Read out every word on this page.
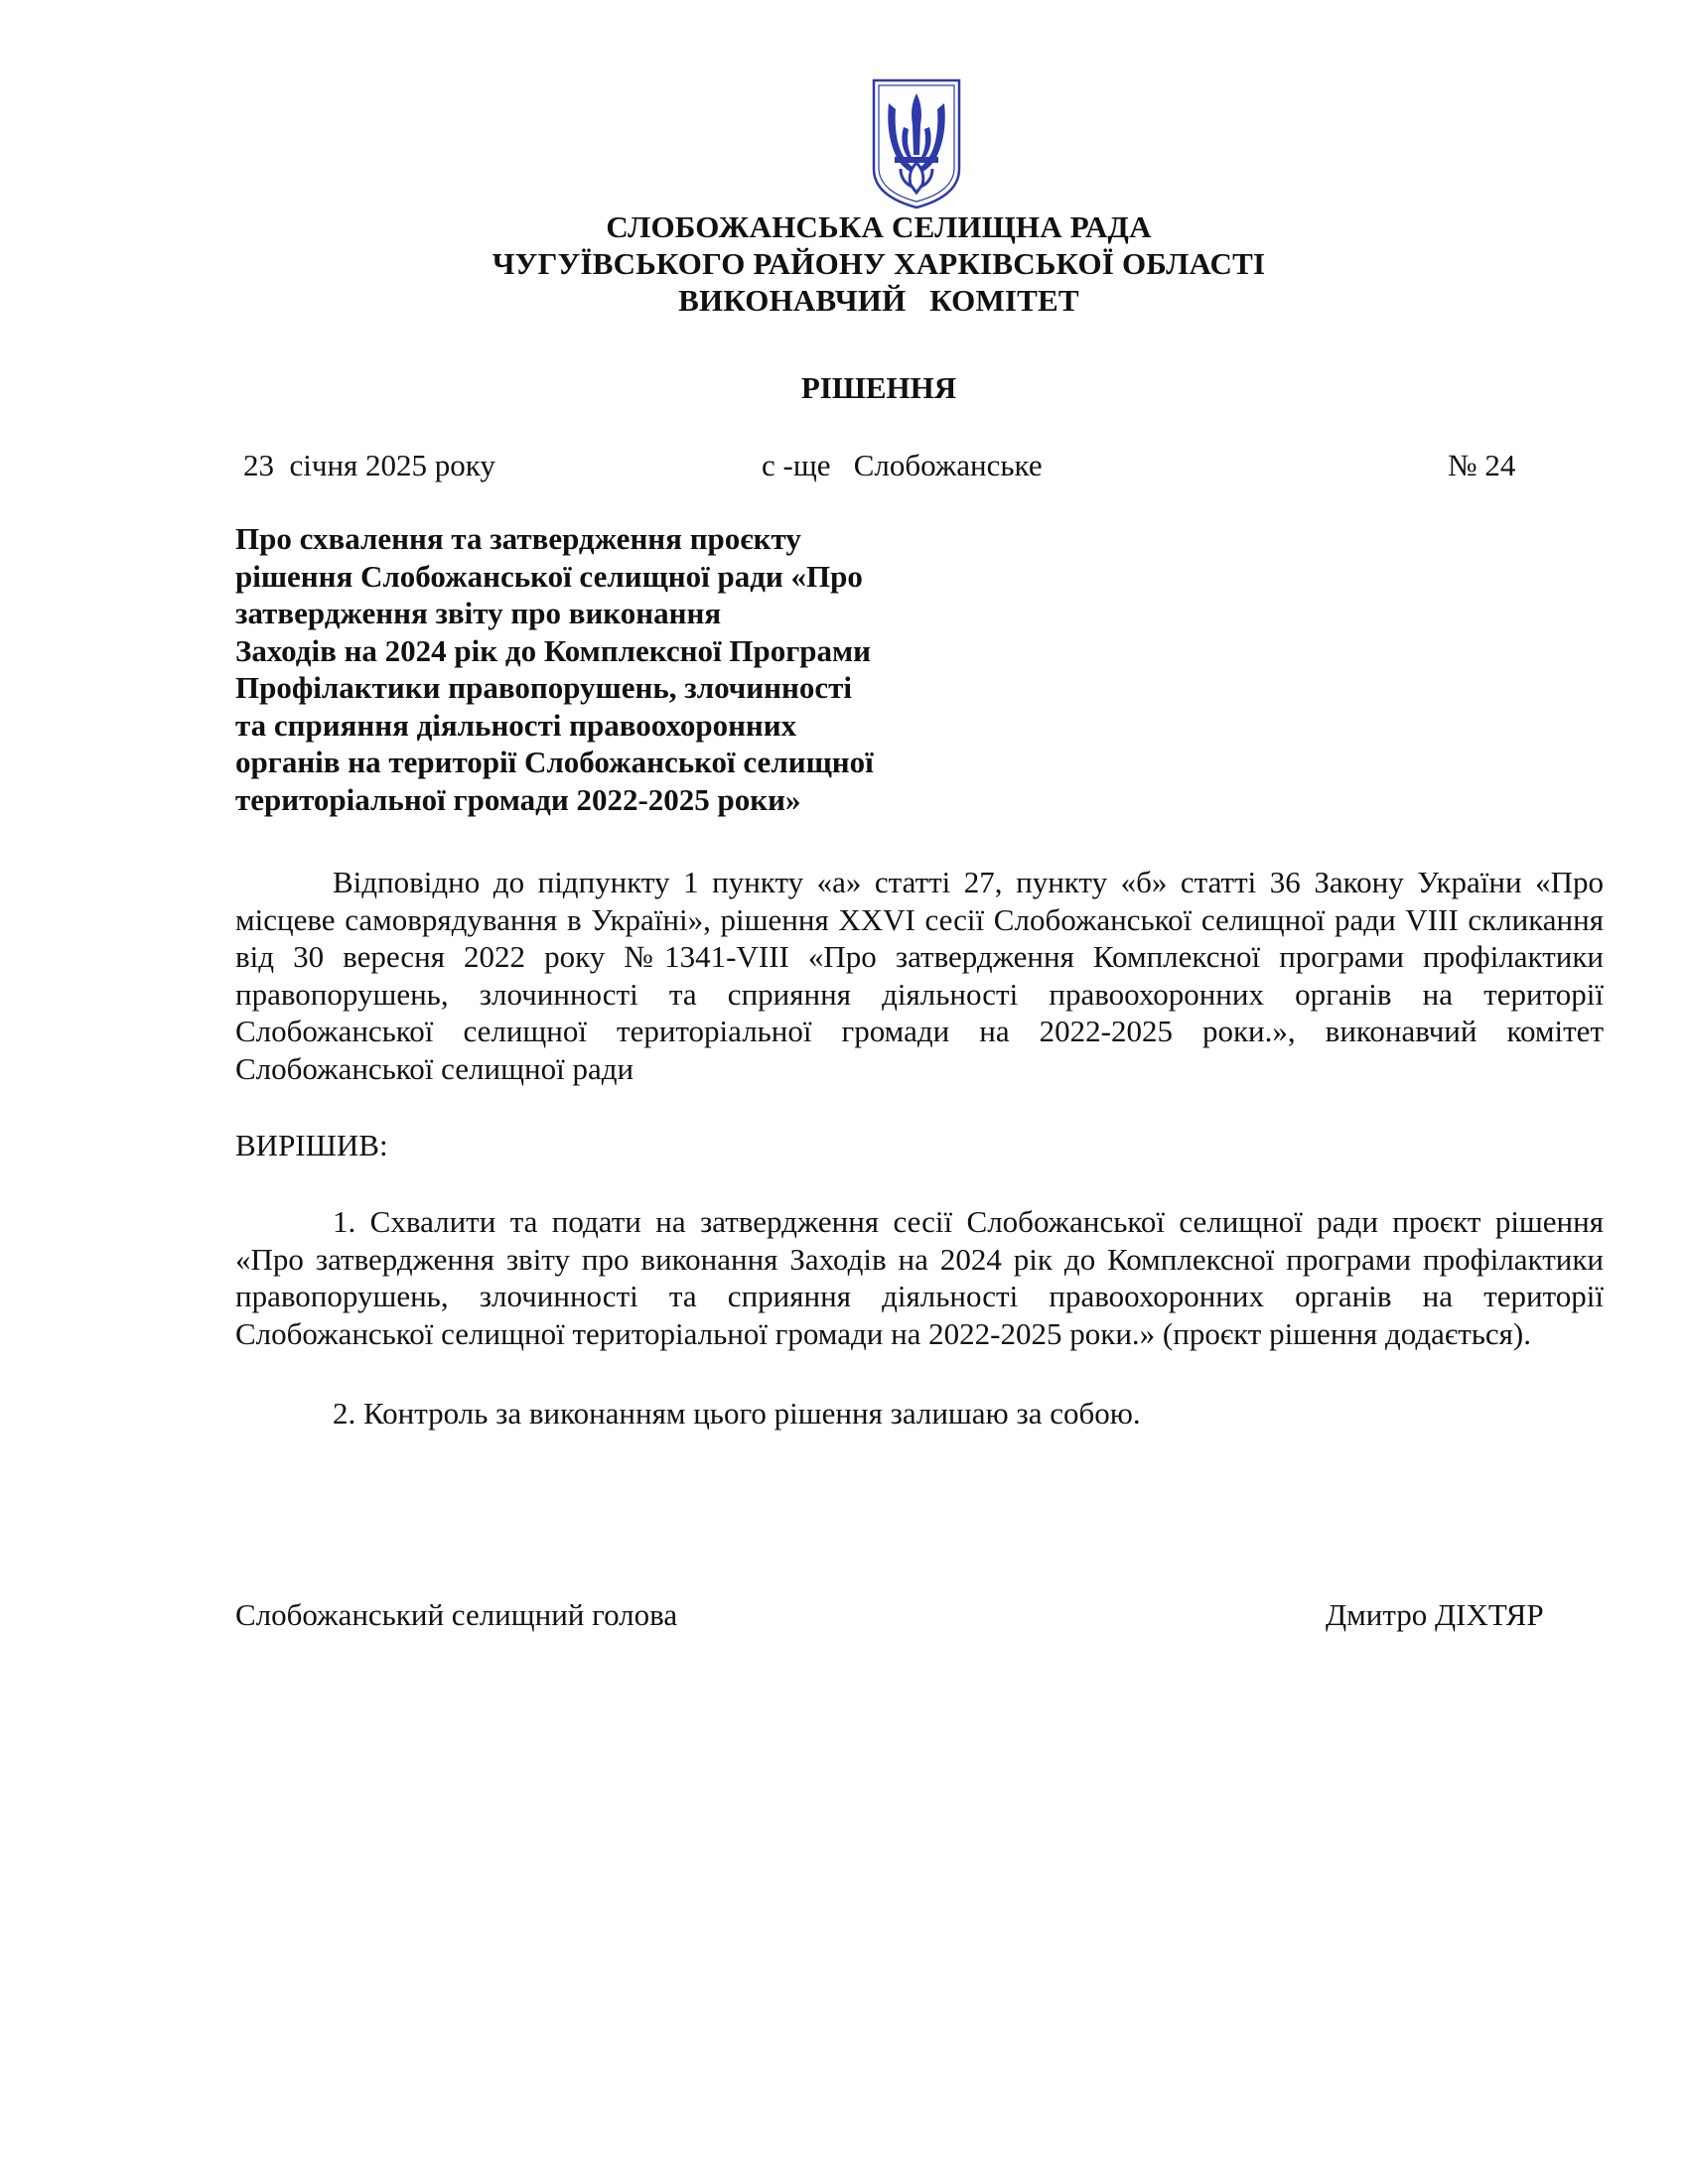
СЛОБОЖАНСЬКА СЕЛИЩНА РАДА
ЧУГУЇВСЬКОГО РАЙОНУ ХАРКІВСЬКОЇ ОБЛАСТІ
ВИКОНАВЧИЙ   КОМІТЕТ
РІШЕННЯ
23  січня 2025 року	с -ще   Слобожанське	№ 24
Про схвалення та затвердження проєкту
рішення Слобожанської селищної ради «Про
затвердження звіту про виконання
Заходів на 2024 рік до Комплексної Програми
Профілактики правопорушень, злочинності
та сприяння діяльності правоохоронних
органів на території Слобожанської селищної
територіальної громади 2022-2025 роки»
Відповідно до підпункту 1 пункту «а» статті 27, пункту «б» статті 36 Закону України «Про місцеве самоврядування в Україні», рішення XXVI сесії Слобожанської селищної ради VIII скликання від 30 вересня 2022 року №1341-VIII «Про затвердження Комплексної програми профілактики правопорушень, злочинності та сприяння діяльності правоохоронних органів на території Слобожанської селищної територіальної громади на 2022-2025 роки.», виконавчий комітет Слобожанської селищної ради
ВИРІШИВ:
1. Схвалити та подати на затвердження сесії Слобожанської селищної ради проєкт рішення «Про затвердження звіту про виконання Заходів на 2024 рік до Комплексної програми профілактики правопорушень, злочинності та сприяння діяльності правоохоронних органів на території Слобожанської селищної територіальної громади на 2022-2025 роки.» (проєкт рішення додається).
2. Контроль за виконанням цього рішення залишаю за собою.
Слобожанський селищний голова	Дмитро ДІХТЯР
